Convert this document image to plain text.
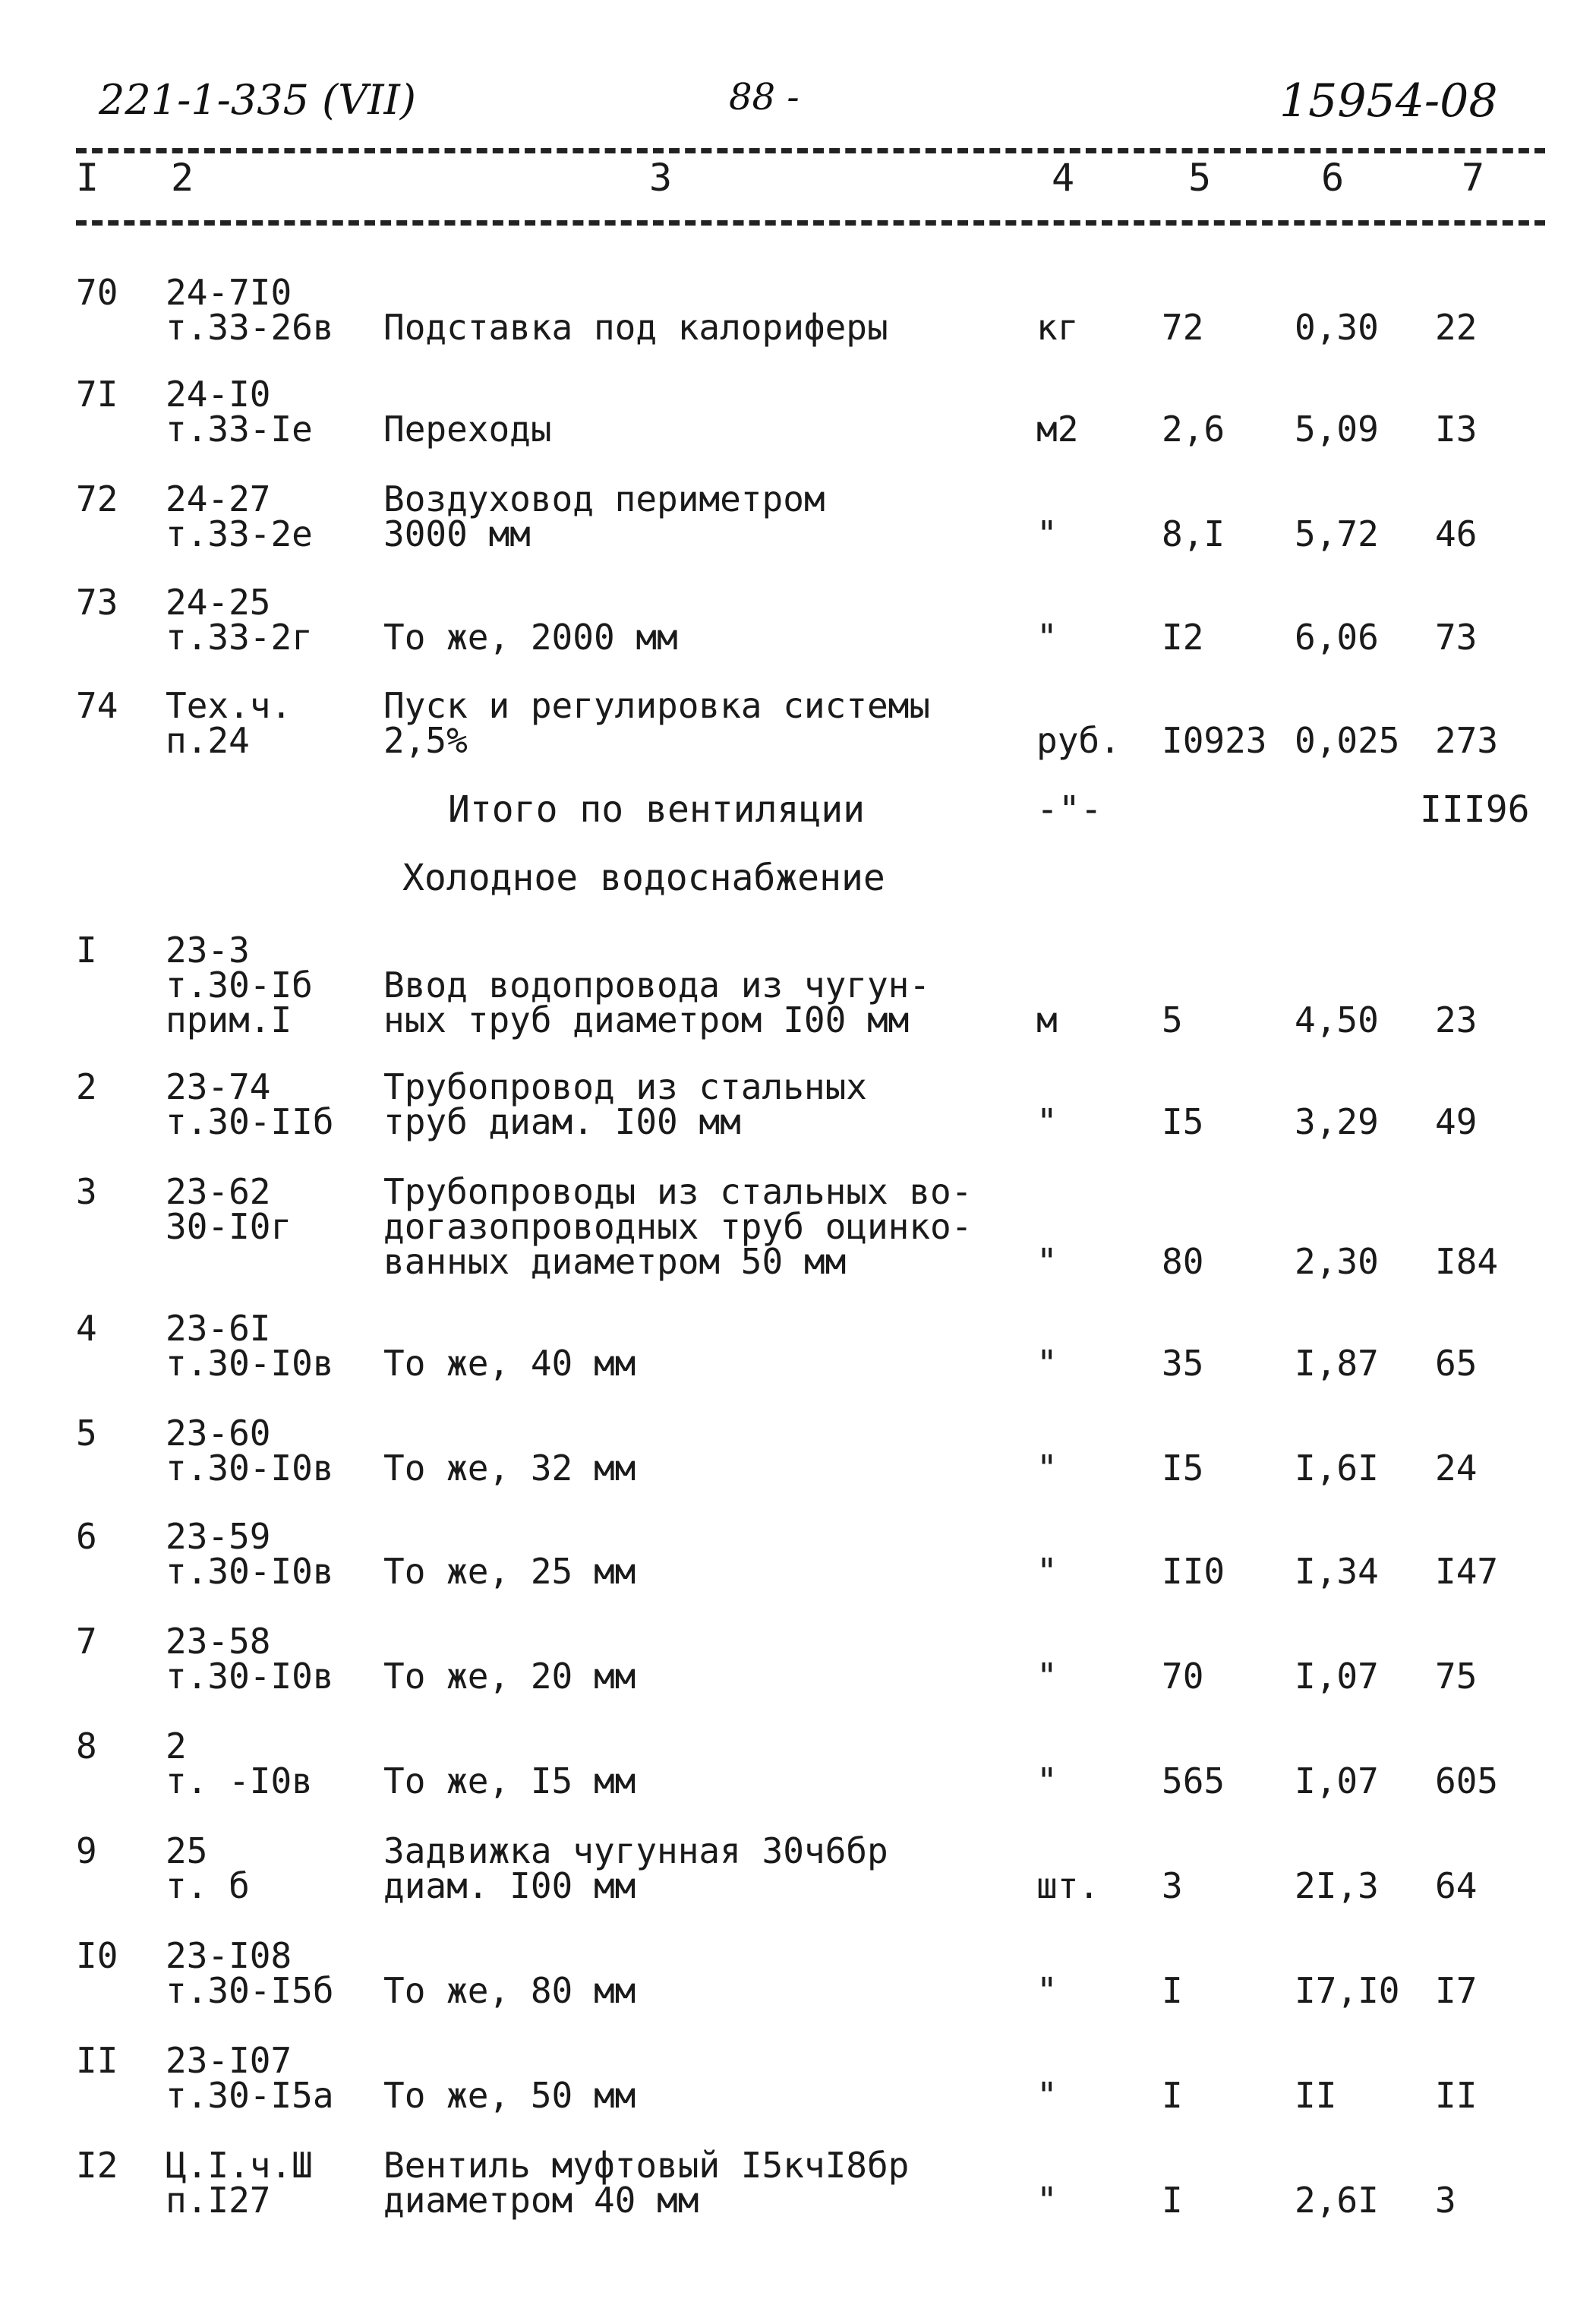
221-1-335 (VII)	88 -	15954-08
I 2	3	4	5	6	7
70 24-7I0
т.33-26в Подставка под калориферы	кг 72	0,30 22
7I 24-I0
т.33-Iе Переходы	м2 2,6 5,09 I3
72 24-27
т.33-2е
Воздуховод периметром
3000 мм	"	8,I 5,72 46
73 24-25
т.33-2г То же, 2000 мм	"	I2	6,06 73
74 Тех.ч.
п.24
Пуск и регулировка системы
2,5%	руб. I0923 0,025 273
Итого по вентиляции	-"-	III96
Холодное водоснабжение
I 23-3
т.30-Iб
прим.I
Ввод водопровода из чугун-
ных труб диаметром I00 мм	м	5	4,50 23
2 23-74
т.30-IIб
Трубопровод из стальных
труб диам. I00 мм	"	I5	3,29 49
3 23-62
30-I0г
Трубопроводы из стальных во-
догазопроводных труб оцинко-
ванных диаметром 50 мм	"	80	2,30 I84
4 23-6I
т.30-I0в То же, 40 мм	"	35	I,87 65
5 23-60
т.30-I0в То же, 32 мм	"	I5	I,6I 24
6 23-59
т.30-I0в То же, 25 мм	"	II0 I,34 I47
7 23-58
т.30-I0в То же, 20 мм	"	70	I,07 75
8 2
т. -I0в То же, I5 мм	"	565 I,07 605
9 25
т. б
Задвижка чугунная 30ч6бр
диам. I00 мм	шт. 3	2I,3 64
I0 23-I08
т.30-I5б То же, 80 мм	"	I	I7,I0 I7
II 23-I07
т.30-I5а То же, 50 мм	"	I	II	II
I2 Ц.I.ч.Ш
п.I27
Вентиль муфтовый I5кчI8бр
диаметром 40 мм	"	I	2,6I 3
